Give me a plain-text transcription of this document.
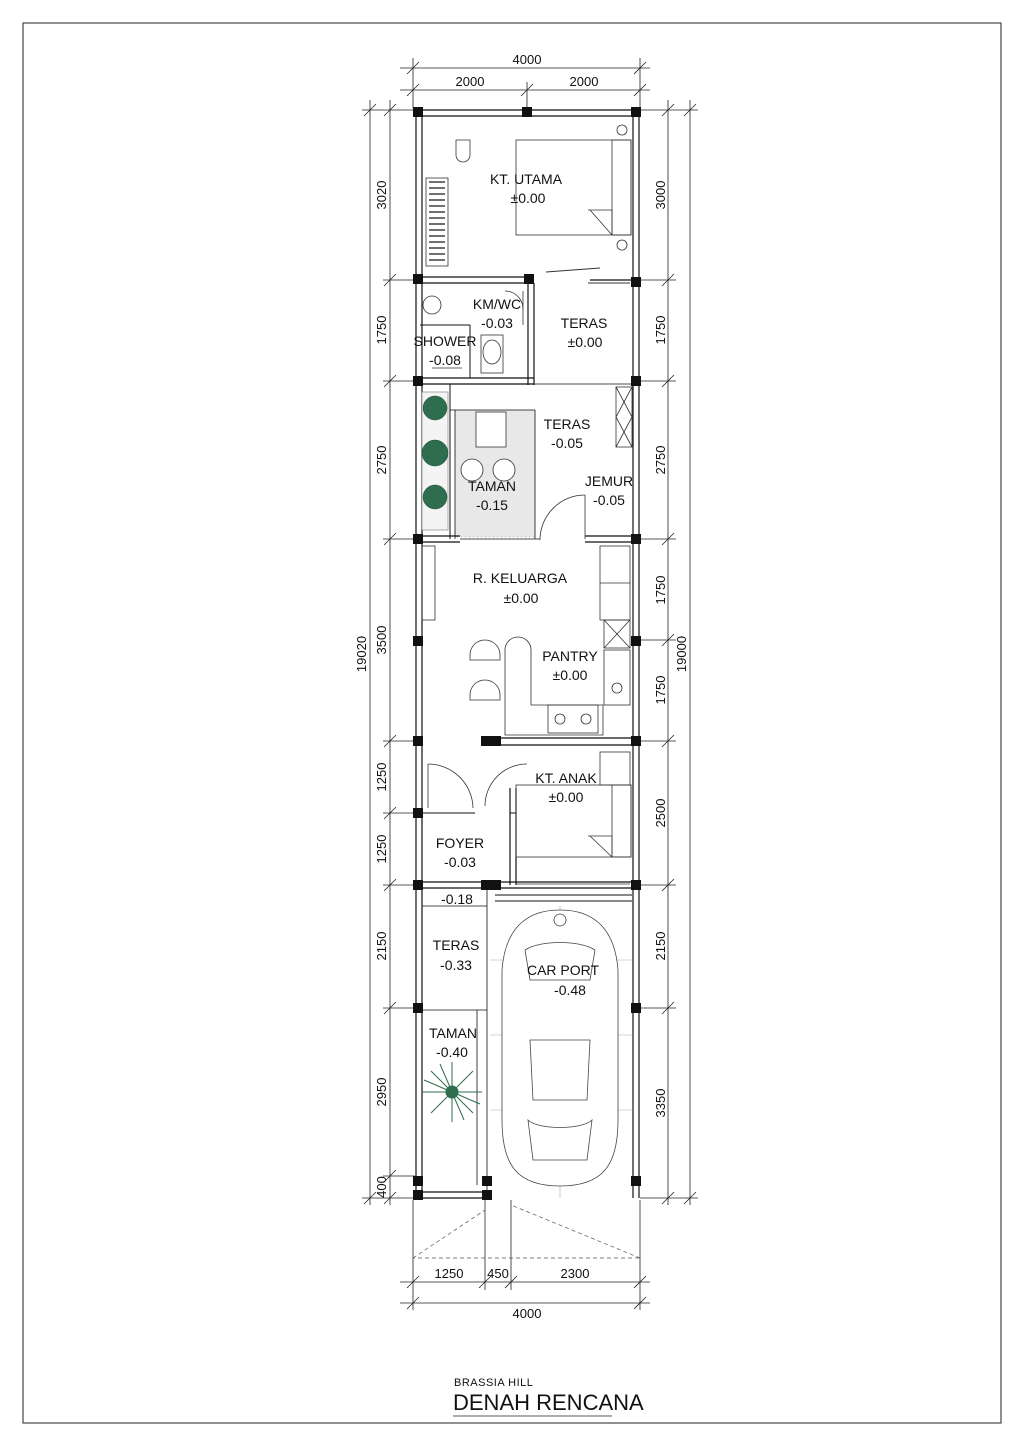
4000
2000	2000
4000
1250 450	2300
19020
3020
1750
2750
3500
1250
1250
2150
2950
400
19000
3000
1750
2750
1750
1750
2500
2150
3350
KT. UTAMA
±0.00
KM/WC
-0.03
SHOWER
-0.08
TERAS
±0.00
TERAS
-0.05
JEMUR
-0.05
TAMAN
-0.15
R. KELUARGA
±0.00
PANTRY
±0.00
KT. ANAK
±0.00
FOYER
-0.03
-0.18
TERAS
-0.33	CAR PORT
-0.48
TAMAN
-0.40
BRASSIA HILL
DENAH RENCANA
